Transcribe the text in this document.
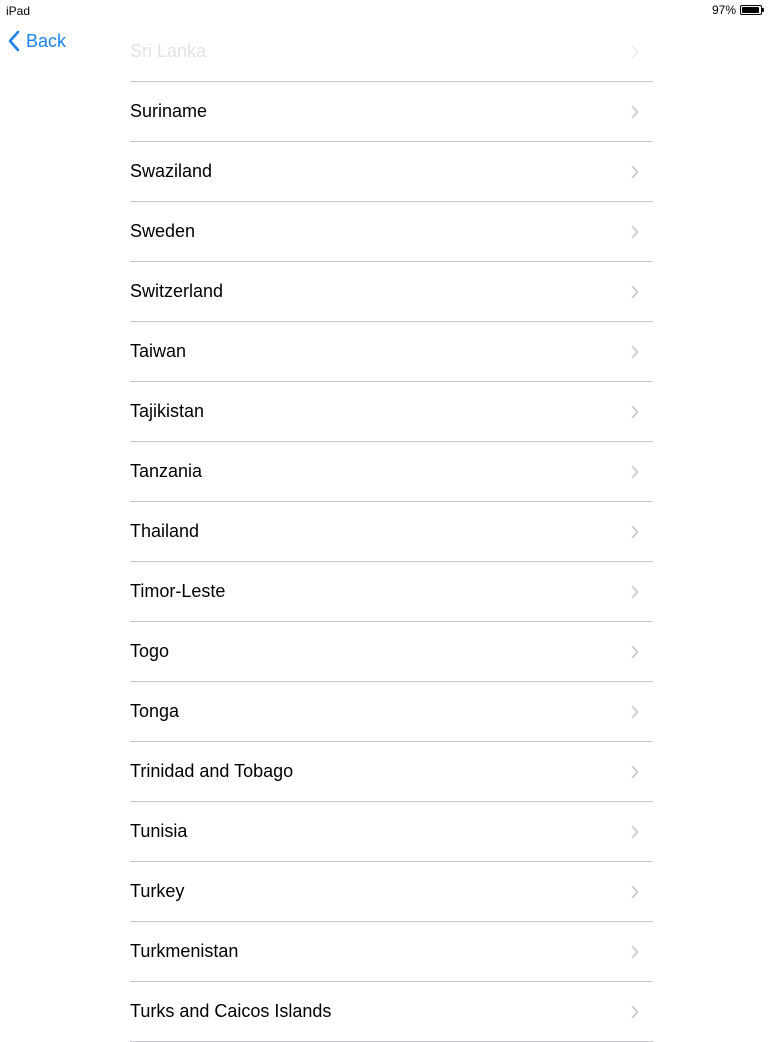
iPad	97%
Back
Sri Lanka
Suriname
Swaziland
Sweden
Switzerland
Taiwan
Tajikistan
Tanzania
Thailand
Timor-Leste
Togo
Tonga
Trinidad and Tobago
Tunisia
Turkey
Turkmenistan
Turks and Caicos Islands
